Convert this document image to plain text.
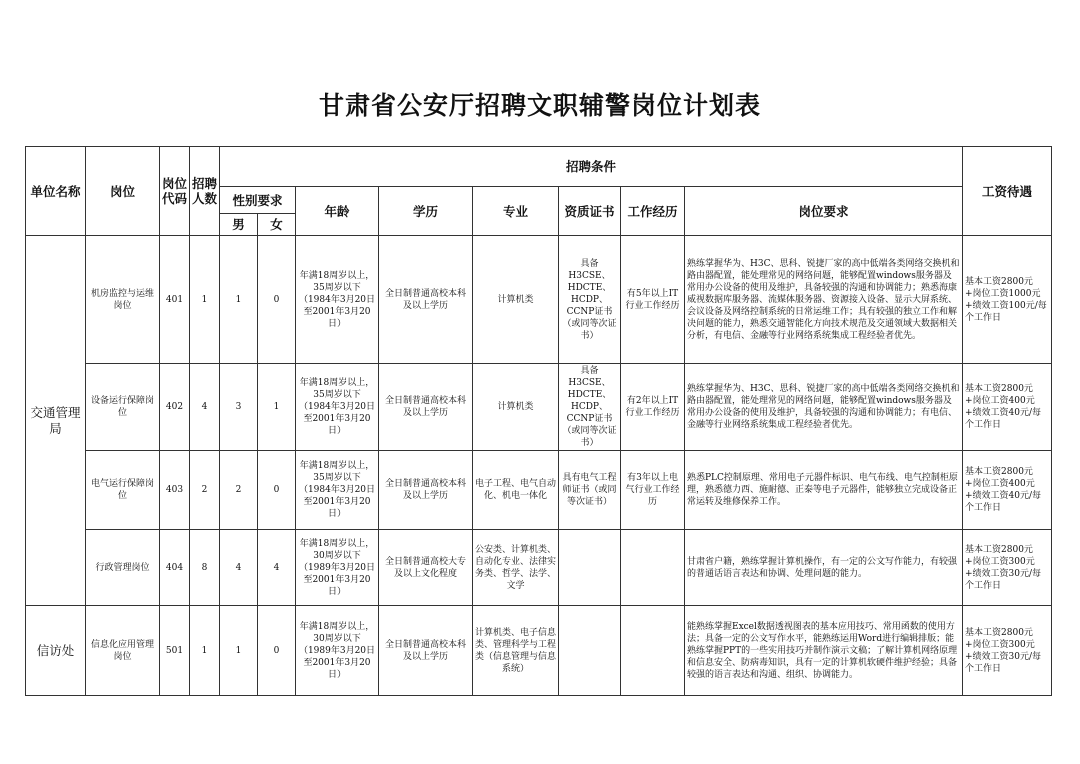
甘肃省公安厅招聘文职辅警岗位计划表
单位名称	岗位	岗位代码	招聘人数	招聘条件								工资待遇
				性别要求		年龄	学历	专业	资质证书	工作经历	岗位要求	
				男	女							
交通管理局	机房监控与运维岗位	401	1	1	0	年满18周岁以上，35周岁以下（1984年3月20日至2001年3月20日）	全日制普通高校本科及以上学历	计算机类	具备H3CSE、HDCTE、HCDP、CCNP证书（或同等次证书）	有5年以上IT行业工作经历	熟练掌握华为、H3C、思科、锐捷厂家的高中低端各类网络交换机和路由器配置，能处理常见的网络问题，能够配置windows服务器及常用办公设备的使用及维护，具备较强的沟通和协调能力；熟悉海康威视数据库服务器、流媒体服务器、资源接入设备、显示大屏系统、会议设备及网络控制系统的日常运维工作；具有较强的独立工作和解决问题的能力，熟悉交通智能化方向技术规范及交通领域大数据相关分析，有电信、金融等行业网络系统集成工程经验者优先。	基本工资2800元+岗位工资1000元+绩效工资100元/每个工作日
	设备运行保障岗位	402	4	3	1	年满18周岁以上，35周岁以下（1984年3月20日至2001年3月20日）	全日制普通高校本科及以上学历	计算机类	具备H3CSE、HDCTE、HCDP、CCNP证书（或同等次证书）	有2年以上IT行业工作经历	熟练掌握华为、H3C、思科、锐捷厂家的高中低端各类网络交换机和路由器配置，能处理常见的网络问题，能够配置windows服务器及常用办公设备的使用及维护，具备较强的沟通和协调能力；有电信、金融等行业网络系统集成工程经验者优先。	基本工资2800元+岗位工资400元+绩效工资40元/每个工作日
	电气运行保障岗位	403	2	2	0	年满18周岁以上，35周岁以下（1984年3月20日至2001年3月20日）	全日制普通高校本科及以上学历	电子工程、电气自动化、机电一体化	具有电气工程师证书（或同等次证书）	有3年以上电气行业工作经历	熟悉PLC控制原理、常用电子元器件标识、电气布线、电气控制柜原理，熟悉德力西、施耐德、正泰等电子元器件，能够独立完成设备正常运转及维修保养工作。	基本工资2800元+岗位工资400元+绩效工资40元/每个工作日
	行政管理岗位	404	8	4	4	年满18周岁以上，30周岁以下（1989年3月20日至2001年3月20日）	全日制普通高校大专及以上文化程度	公安类、计算机类、自动化专业、法律实务类、哲学、法学、文学			甘肃省户籍，熟练掌握计算机操作，有一定的公文写作能力，有较强的普通话语言表达和协调、处理问题的能力。	基本工资2800元+岗位工资300元+绩效工资30元/每个工作日
信访处	信息化应用管理岗位	501	1	1	0	年满18周岁以上，30周岁以下（1989年3月20日至2001年3月20日）	全日制普通高校本科及以上学历	计算机类、电子信息类、管理科学与工程类（信息管理与信息系统）			能熟练掌握Excel数据透视图表的基本应用技巧、常用函数的使用方法；具备一定的公文写作水平，能熟练运用Word进行编辑排版；能熟练掌握PPT的一些实用技巧并制作演示文稿；了解计算机网络原理和信息安全、防病毒知识，具有一定的计算机软硬件维护经验；具备较强的语言表达和沟通、组织、协调能力。	基本工资2800元+岗位工资300元+绩效工资30元/每个工作日
